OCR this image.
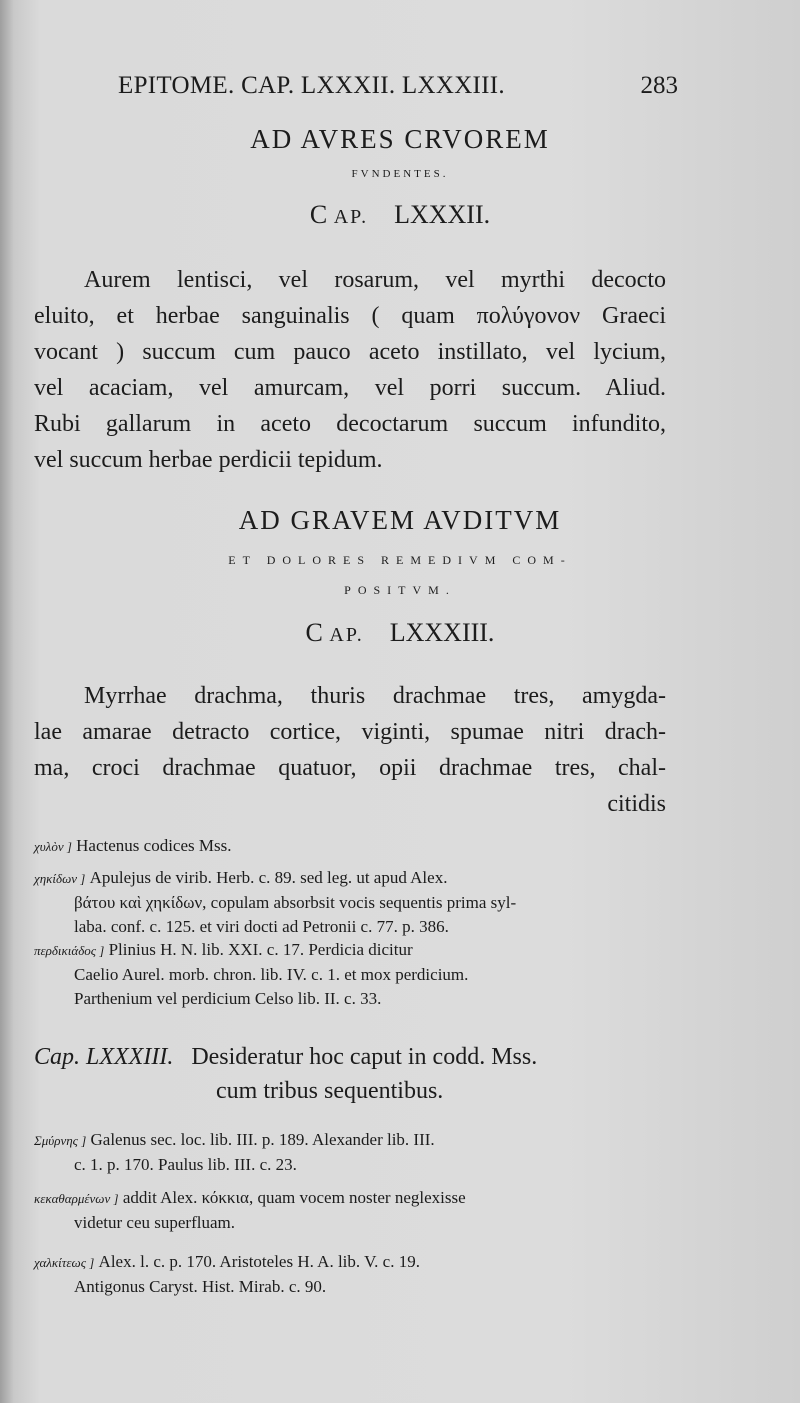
EPITOME. CAP. LXXXII. LXXXIII.	283
AD AVRES CRVOREM
FVNDENTES.
C AP. LXXXII.
Aurem lentisci, vel rosarum, vel myrthi decocto
eluito, et herbae sanguinalis ( quam πολύγονον Graeci
vocant ) succum cum pauco aceto instillato, vel lycium,
vel acaciam, vel amurcam, vel porri succum. Aliud.
Rubi gallarum in aceto decoctarum succum infundito,
vel succum herbae perdicii tepidum.
AD GRAVEM AVDITVM
ET DOLORES REMEDIVM COM-
POSITVM.
C AP. LXXXIII.
Myrrhae drachma, thuris drachmae tres, amygda-
lae amarae detracto cortice, viginti, spumae nitri drach-
ma, croci drachmae quatuor, opii drachmae tres, chal-
citidis
χυλὸν ] Hactenus codices Mss.
χηκίδων ] Apulejus de virib. Herb. c. 89. sed leg. ut apud Alex.
βάτου καὶ χηκίδων, copulam absorbsit vocis sequentis prima syl-
laba. conf. c. 125. et viri docti ad Petronii c. 77. p. 386.
περδικιάδος ] Plinius H. N. lib. XXI. c. 17. Perdicia dicitur
Caelio Aurel. morb. chron. lib. IV. c. 1. et mox perdicium.
Parthenium vel perdicium Celso lib. II. c. 33.
Cap. LXXXIII. Desideratur hoc caput in codd. Mss.
cum tribus sequentibus.
Σμύρνης ] Galenus sec. loc. lib. III. p. 189. Alexander lib. III.
c. 1. p. 170. Paulus lib. III. c. 23.
κεκαθαρμένων ] addit Alex. κόκκια, quam vocem noster neglexisse
videtur ceu superfluam.
χαλκίτεως ] Alex. l. c. p. 170. Aristoteles H. A. lib. V. c. 19.
Antigonus Caryst. Hist. Mirab. c. 90.
